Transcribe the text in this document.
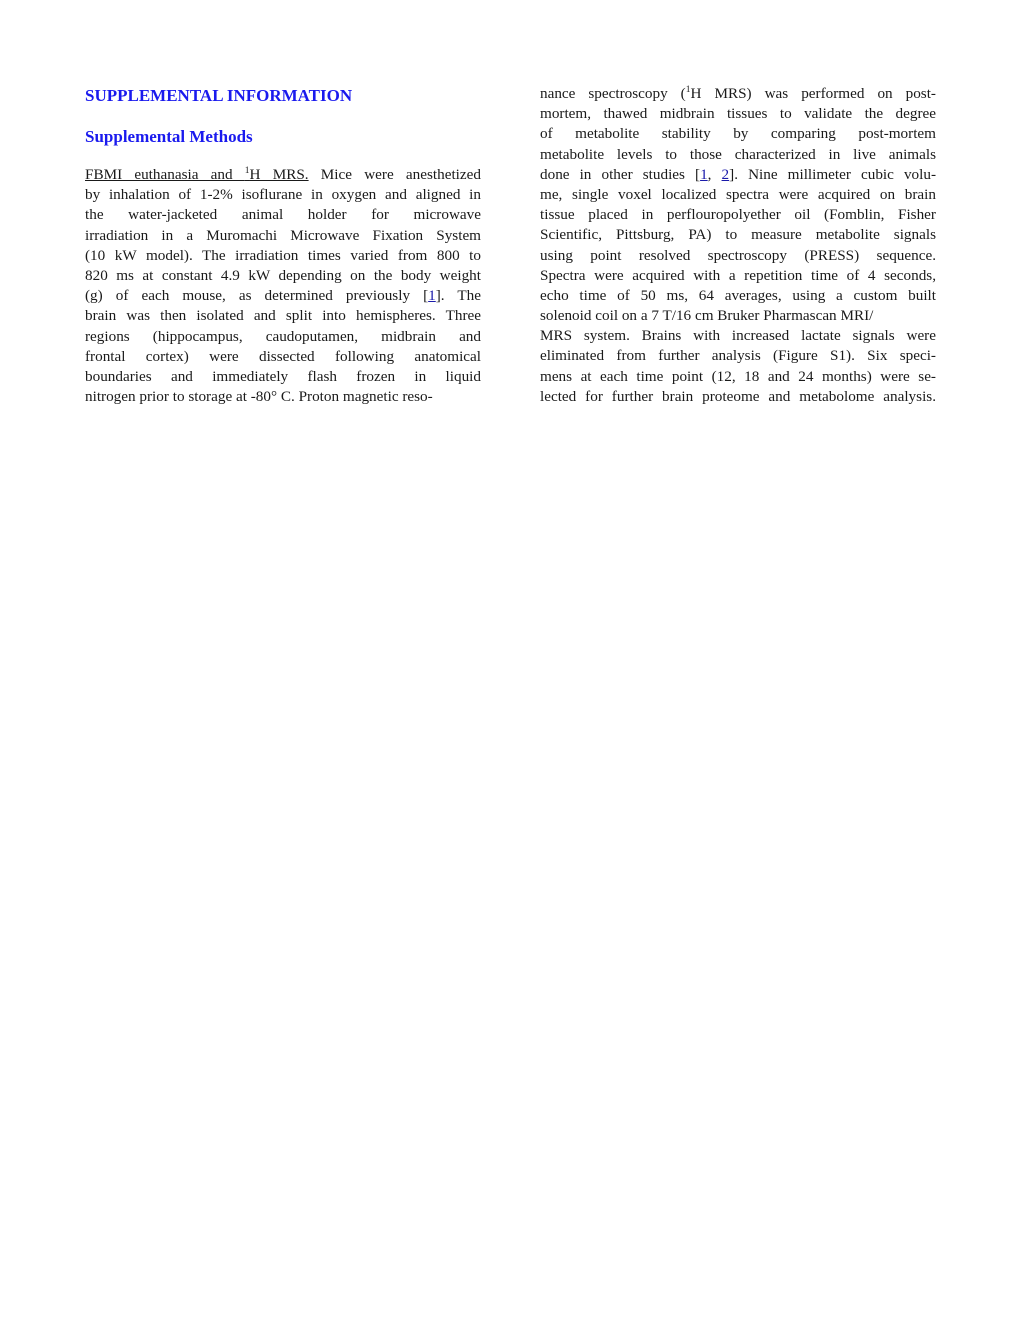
SUPPLEMENTAL INFORMATION
Supplemental Methods
FBMI euthanasia and $^1$H MRS. Mice were anesthetized
by inhalation of 1-2% isoflurane in oxygen and aligned in
the water-jacketed animal holder for microwave
irradiation in a Muromachi Microwave Fixation System
(10 kW model). The irradiation times varied from 800 to
820 ms at constant 4.9 kW depending on the body weight
(g) of each mouse, as determined previously [1]. The
brain was then isolated and split into hemispheres. Three
regions (hippocampus, caudoputamen, midbrain and
frontal cortex) were dissected following anatomical
boundaries and immediately flash frozen in liquid
nitrogen prior to storage at -80° C. Proton magnetic reso-
nance spectroscopy ($^1$H MRS) was performed on post-
mortem, thawed midbrain tissues to validate the degree
of metabolite stability by comparing post-mortem
metabolite levels to those characterized in live animals
done in other studies [1, 2]. Nine millimeter cubic volu-
me, single voxel localized spectra were acquired on brain
tissue placed in perflouropolyether oil (Fomblin, Fisher
Scientific, Pittsburg, PA) to measure metabolite signals
using point resolved spectroscopy (PRESS) sequence.
Spectra were acquired with a repetition time of 4 seconds,
echo time of 50 ms, 64 averages, using a custom built
solenoid coil on a 7 T/16 cm Bruker Pharmascan MRI/
MRS system. Brains with increased lactate signals were
eliminated from further analysis (Figure S1). Six speci-
mens at each time point (12, 18 and 24 months) were se-
lected for further brain proteome and metabolome analysis.
